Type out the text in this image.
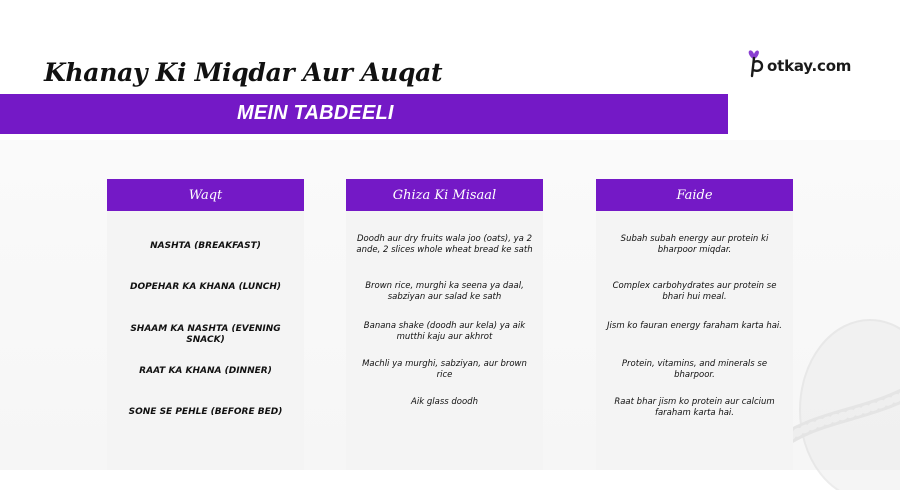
Khanay Ki Miqdar Aur Auqat
MEIN TABDEELI
otkay.com
Waqt
NASHTA (BREAKFAST)
DOPEHAR KA KHANA (LUNCH)
SHAAM KA NASHTA (EVENING SNACK)
RAAT KA KHANA (DINNER)
SONE SE PEHLE (BEFORE BED)
Ghiza Ki Misaal
Doodh aur dry fruits wala joo (oats), ya 2 ande, 2 slices whole wheat bread ke sath
Brown rice, murghi ka seena ya daal, sabziyan aur salad ke sath
Banana shake (doodh aur kela) ya aik mutthi kaju aur akhrot
Machli ya murghi, sabziyan, aur brown rice
Aik glass doodh
Faide
Subah subah energy aur protein ki bharpoor miqdar.
Complex carbohydrates aur protein se bhari hui meal.
Jism ko fauran energy faraham karta hai.
Protein, vitamins, and minerals se bharpoor.
Raat bhar jism ko protein aur calcium faraham karta hai.
